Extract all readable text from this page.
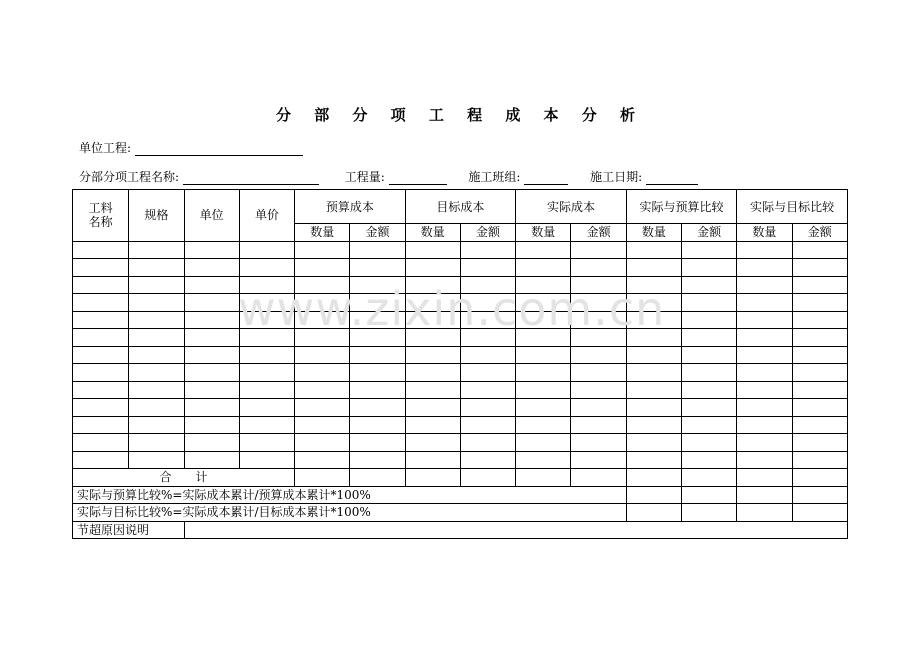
分 部 分 项 工 程 成 本 分 析
单位工程:
分部分项工程名称:	工程量:	施工班组:	施工日期:
工料名称	规格	单位	单价	预算成本		目标成本		实际成本		实际与预算比较		实际与目标比较	
				数量	金额	数量	金额	数量	金额	数量	金额	数量	金额

合　　计													
实际与预算比较%=实际成本累计/预算成本累计*100%													
实际与目标比较%=实际成本累计/目标成本累计*100%													
节超原因说明													
www.zixin.com.cn
